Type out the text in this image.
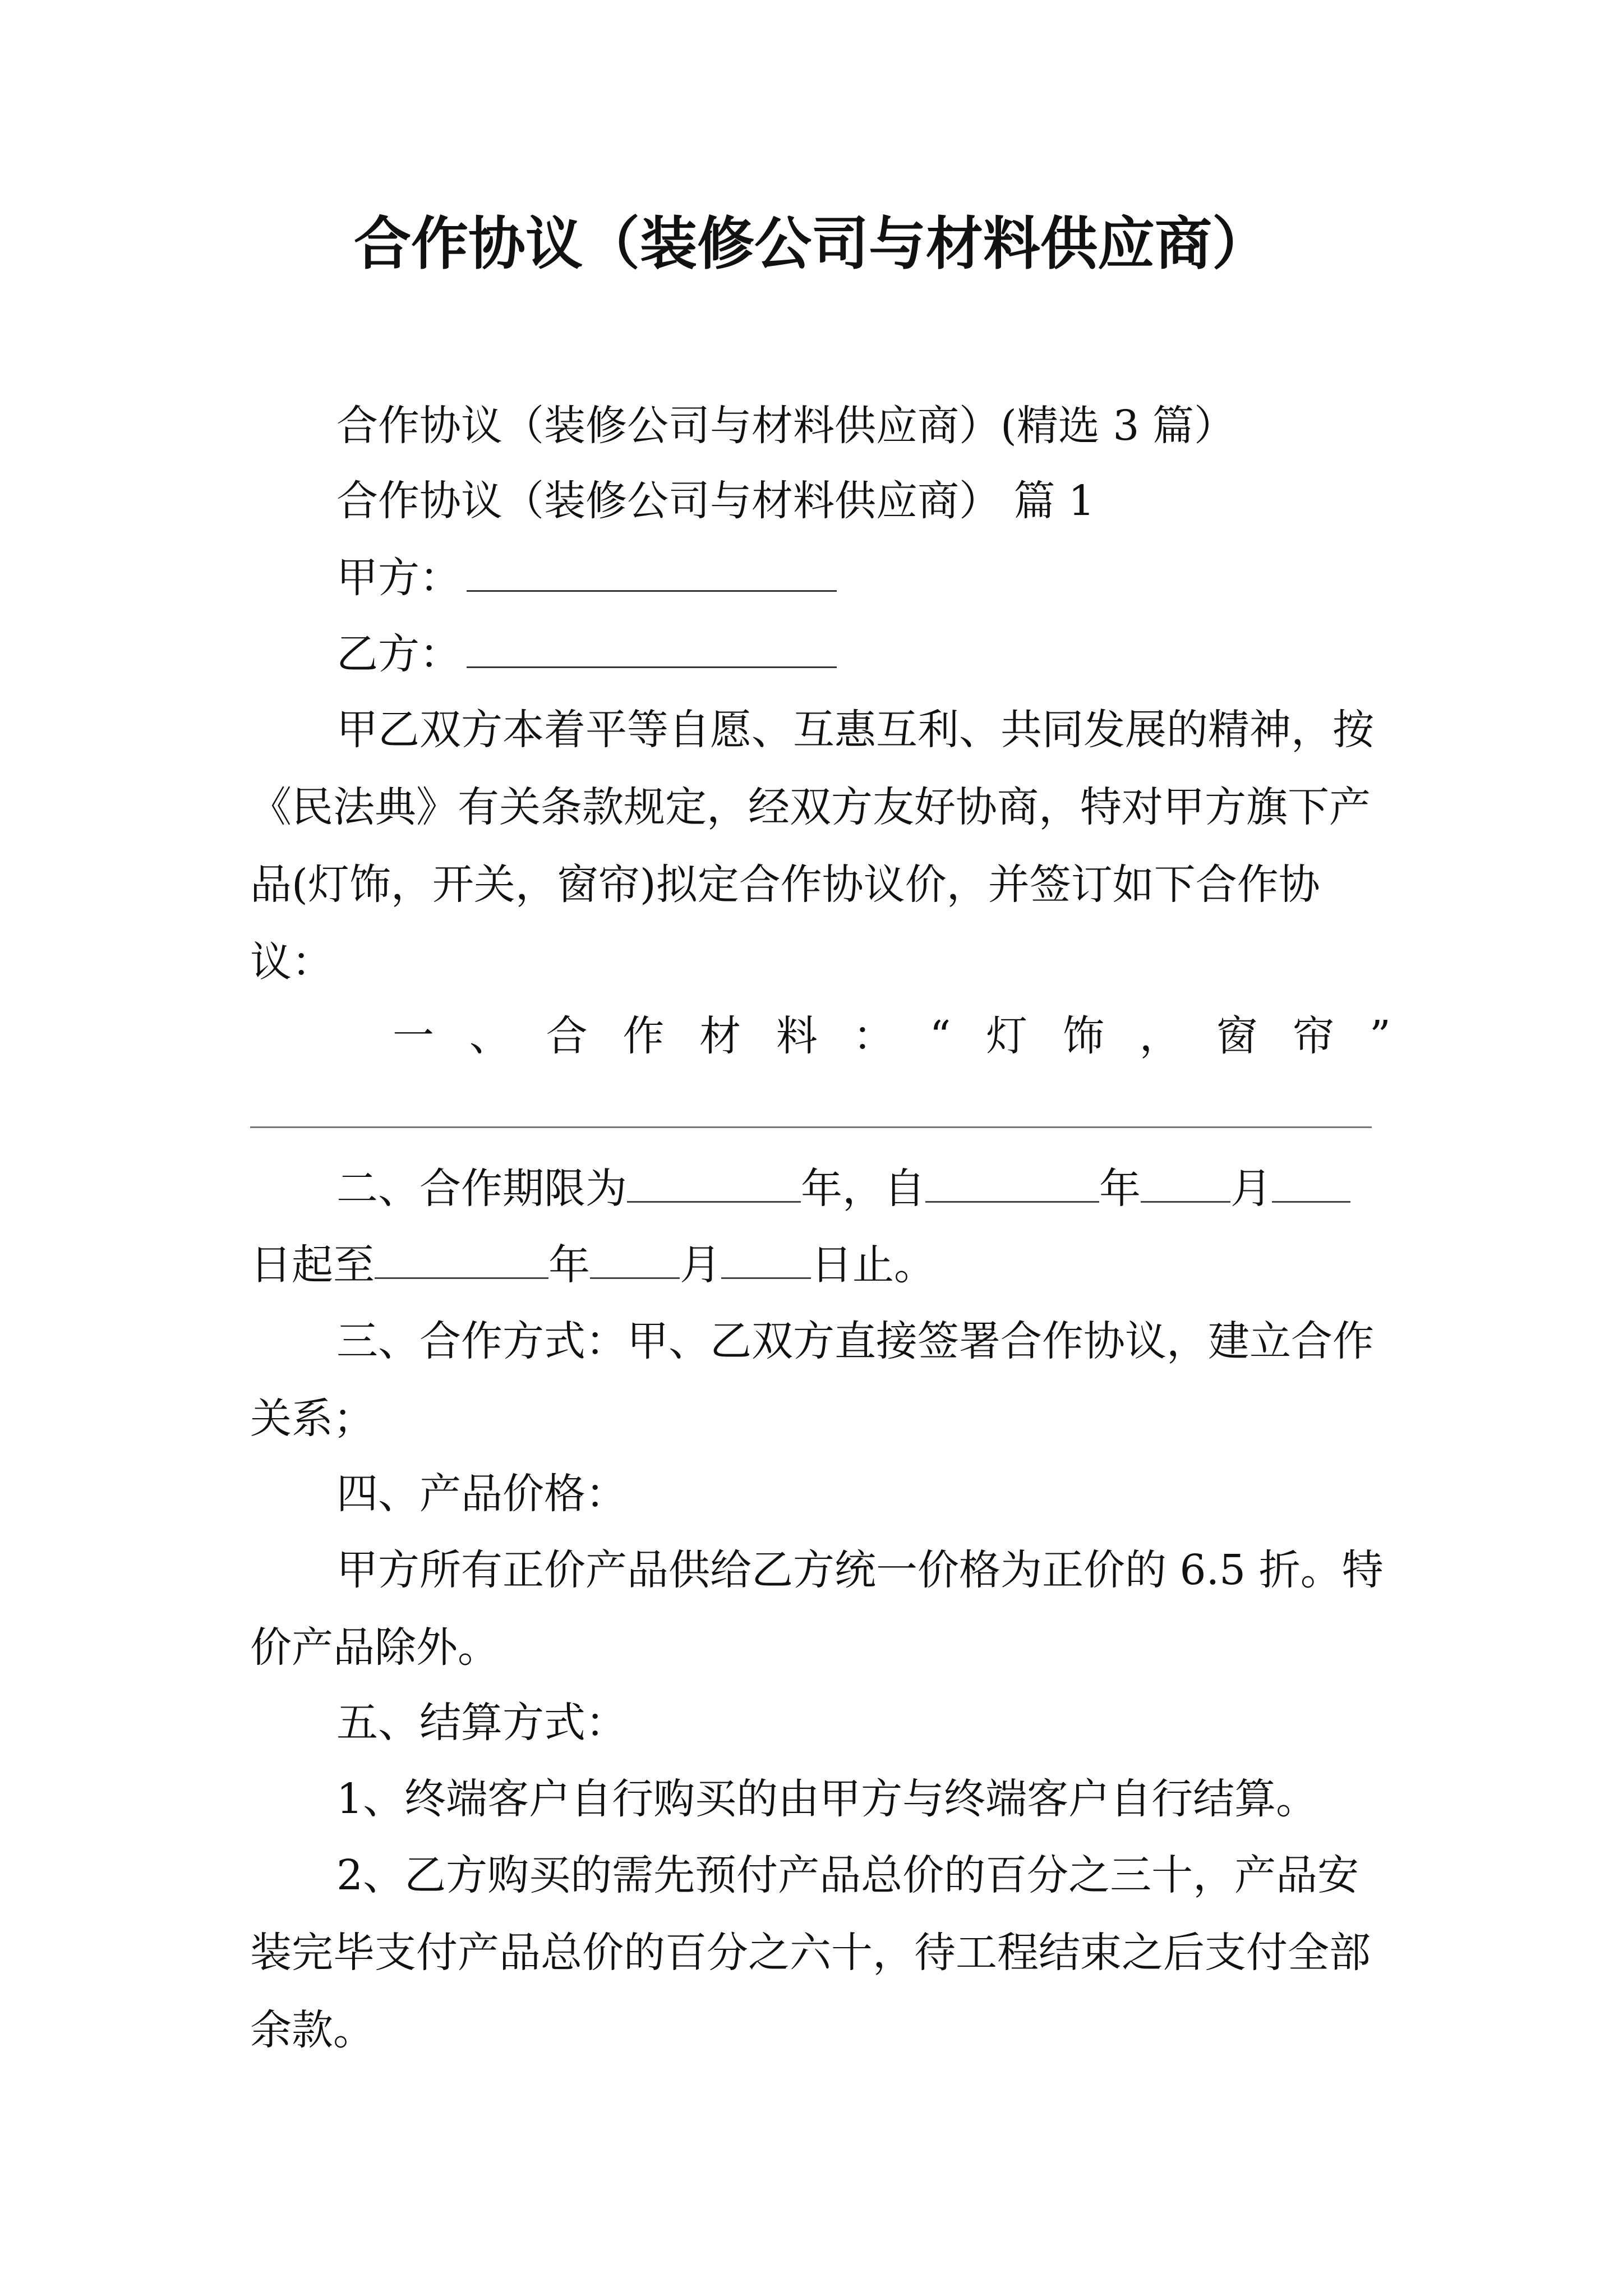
合作协议（装修公司与材料供应商）
合作协议（装修公司与材料供应商）(精选 3 篇）
合作协议（装修公司与材料供应商） 篇 1
甲方：
乙方：

甲乙双方本着平等自愿、互惠互利、共同发展的精神，按《民法典》有关条款规定，经双方友好协商，特对甲方旗下产品(灯饰，开关，窗帘)拟定合作协议价，并签订如下合作协议：

一 、 合 作 材 料 ： “ 灯 饰 ， 窗 帘 ”
二、合作期限为	年，自	年 月
日起至	年 月 日止。

三、合作方式：甲、乙双方直接签署合作协议，建立合作关系；

四、产品价格：

甲方所有正价产品供给乙方统一价格为正价的 6.5 折。特价产品除外。

五、结算方式：
1、终端客户自行购买的由甲方与终端客户自行结算。

2、乙方购买的需先预付产品总价的百分之三十，产品安装完毕支付产品总价的百分之六十，待工程结束之后支付全部余款。
